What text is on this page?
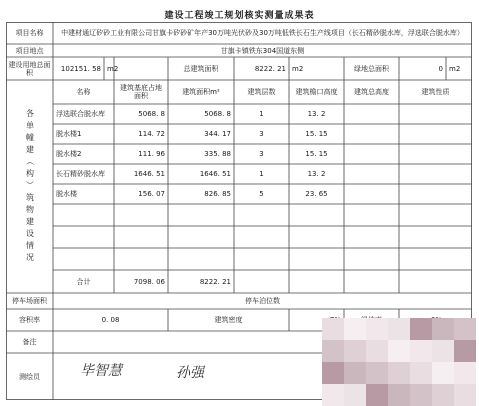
建设工程竣工规划核实测量成果表
项目名称	中建材通辽矽砂工业有限公司甘旗卡矽砂矿年产30万吨光伏砂及30万吨低铁长石生产线项目（长石精砂脱水库，浮选联合脱水库）
项目地点	甘旗卡镇铁东304国道东侧
建设用地总面积	102151. 58 m2	总建筑面积	8222. 21 m2	绿地总面积	0 m2
各单幢建（构）筑物建设情况
名称	建筑基底占地面积	建筑面积m²	建筑层数	建筑檐口高度	建筑总高度	建筑性质
浮选联合脱水库	5068. 8	5068. 8	1	13. 2
脱水楼1	114. 72	344. 17	3	15. 15
脱水楼2	111. 96	335. 88	3	15. 15
长石精砂脱水库	1646. 51	1646. 51	1	13. 2
脱水楼	156. 07	826. 85	5	23. 65
合计	7098. 06	8222. 21
停车场面积	停车泊位数
容积率	0. 08	建筑密度
备注
测绘员	毕智慧	孙强
